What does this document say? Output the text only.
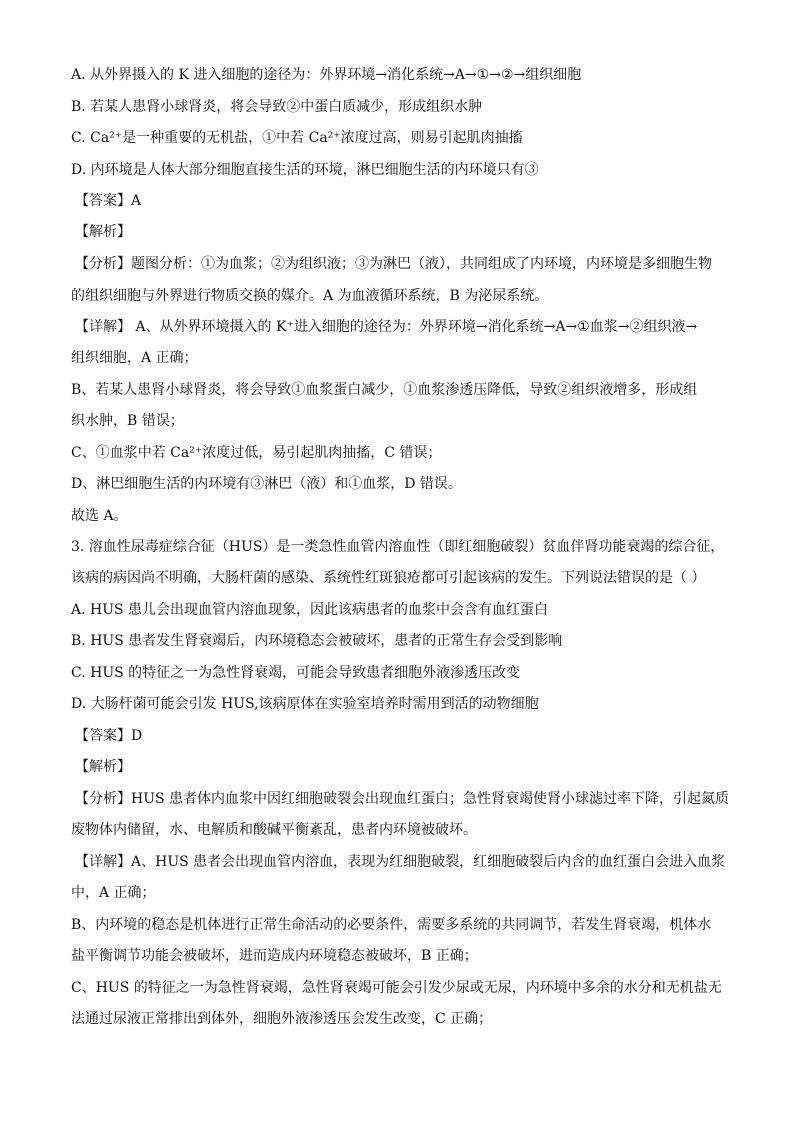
A. 从外界摄入的 K 进入细胞的途径为：外界环境→消化系统→A→①→②→组织细胞
B. 若某人患肾小球肾炎，将会导致②中蛋白质减少，形成组织水肿
C. Ca²⁺是一种重要的无机盐，①中若 Ca²⁺浓度过高，则易引起肌肉抽搐
D. 内环境是人体大部分细胞直接生活的环境，淋巴细胞生活的内环境只有③
【答案】A
【解析】
【分析】题图分析：①为血浆；②为组织液；③为淋巴（液），共同组成了内环境，内环境是多细胞生物
的组织细胞与外界进行物质交换的媒介。A 为血液循环系统，B 为泌尿系统。
【详解】 A、从外界环境摄入的 K⁺进入细胞的途径为：外界环境→消化系统→A→①血浆→②组织液→
组织细胞，A 正确；
B、若某人患肾小球肾炎，将会导致①血浆蛋白减少，①血浆渗透压降低，导致②组织液增多，形成组
织水肿，B 错误；
C、①血浆中若 Ca²⁺浓度过低，易引起肌肉抽搐，C 错误；
D、淋巴细胞生活的内环境有③淋巴（液）和①血浆，D 错误。
故选 A。
3. 溶血性尿毒症综合征（HUS）是一类急性血管内溶血性（即红细胞破裂）贫血伴肾功能衰竭的综合征，
该病的病因尚不明确，大肠杆菌的感染、系统性红斑狼疮都可引起该病的发生。下列说法错误的是（ ）
A. HUS 患儿会出现血管内溶血现象，因此该病患者的血浆中会含有血红蛋白
B. HUS 患者发生肾衰竭后，内环境稳态会被破坏，患者的正常生存会受到影响
C. HUS 的特征之一为急性肾衰竭，可能会导致患者细胞外液渗透压改变
D. 大肠杆菌可能会引发 HUS,该病原体在实验室培养时需用到活的动物细胞
【答案】D
【解析】
【分析】HUS 患者体内血浆中因红细胞破裂会出现血红蛋白；急性肾衰竭使肾小球滤过率下降，引起氮质
废物体内储留，水、电解质和酸碱平衡紊乱，患者内环境被破坏。
【详解】A、HUS 患者会出现血管内溶血，表现为红细胞破裂，红细胞破裂后内含的血红蛋白会进入血浆
中，A 正确；
B、内环境的稳态是机体进行正常生命活动的必要条件，需要多系统的共同调节，若发生肾衰竭，机体水
盐平衡调节功能会被破坏，进而造成内环境稳态被破坏，B 正确；
C、HUS 的特征之一为急性肾衰竭，急性肾衰竭可能会引发少尿或无尿，内环境中多余的水分和无机盐无
法通过尿液正常排出到体外，细胞外液渗透压会发生改变，C 正确；
